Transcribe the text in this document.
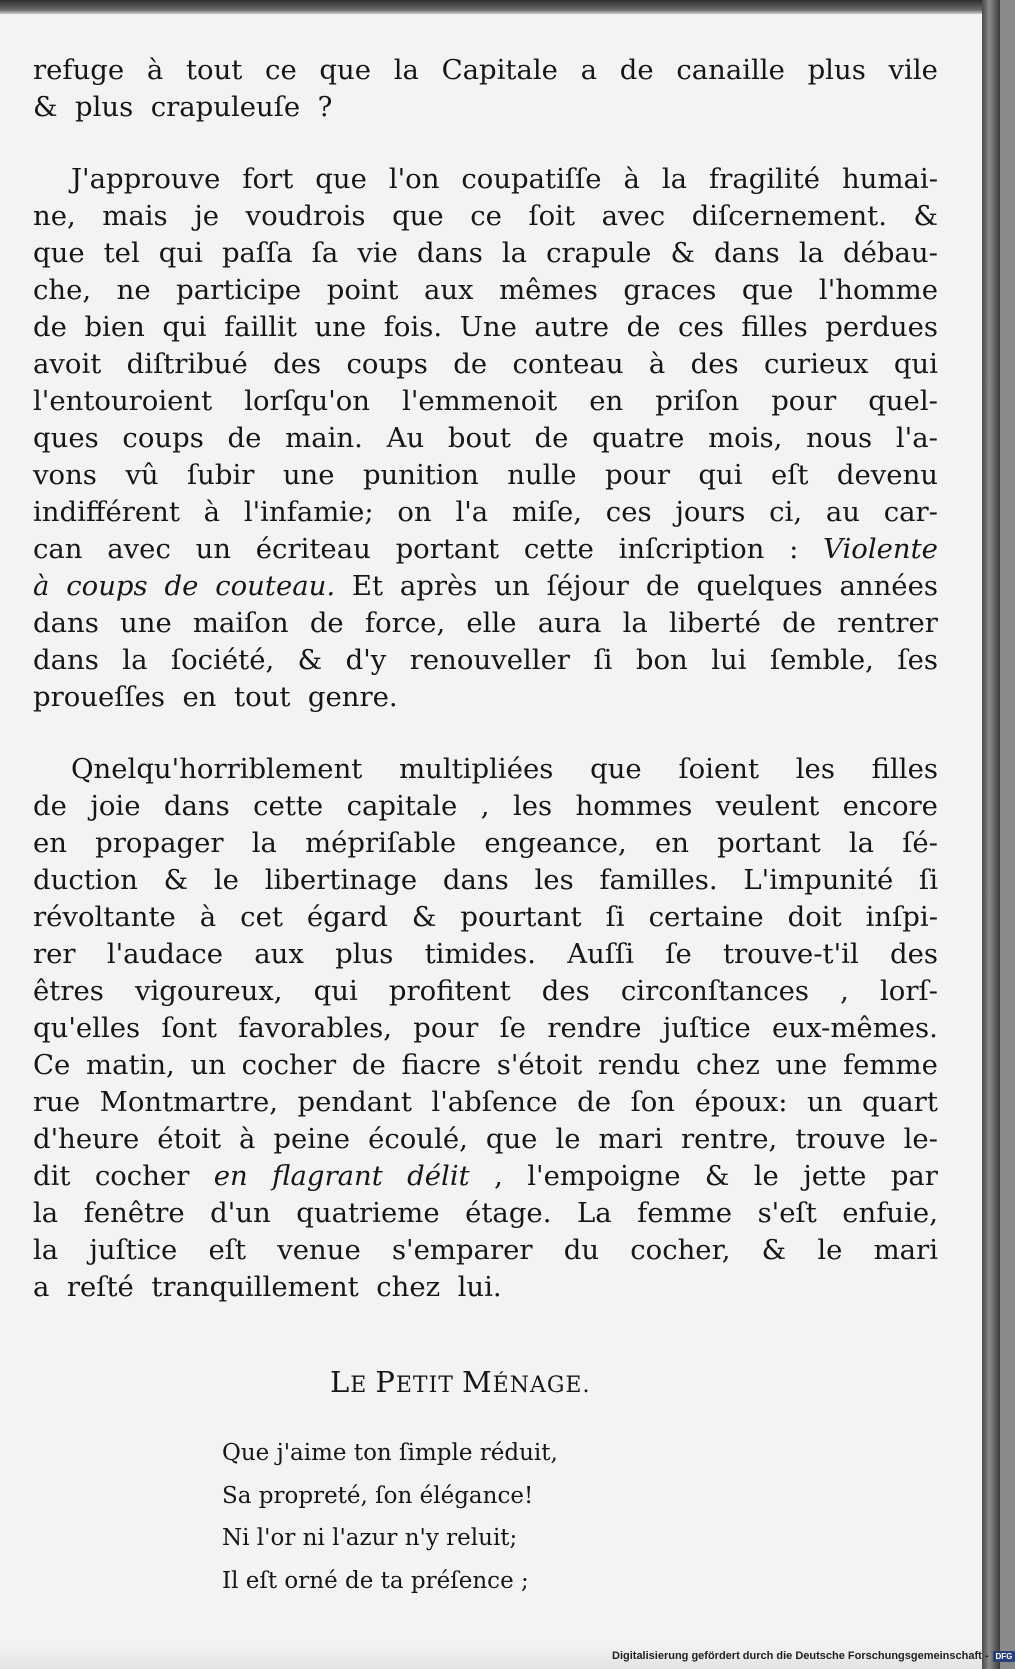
refuge à tout ce que la Capitale a de canaille plus vile
&
plus
crapuleuſe
?
J'approuve fort que l'on coupatiſſe à la fragilité humai-
ne, mais je voudrois que ce ſoit avec diſcernement. &
que tel qui paſſa ſa vie dans la crapule & dans la débau-
che, ne participe point aux mêmes graces que l'homme
de bien qui faillit une fois. Une autre de ces filles perdues
avoit diſtribué des coups de conteau à des curieux qui
l'entouroient lorſqu'on l'emmenoit en priſon pour quel-
ques coups de main. Au bout de quatre mois, nous l'a-
vons vû ſubir une punition nulle pour qui eſt devenu
indifférent à l'infamie; on l'a miſe, ces jours ci, au car-
can avec un écriteau portant cette inſcription : Violente
à coups de couteau. Et après un ſéjour de quelques années
dans une maiſon de force, elle aura la liberté de rentrer
dans la ſociété, & d'y renouveller ſi bon lui ſemble, ſes
proueſſes
en
tout
genre.
Qnelqu'horriblement multipliées que ſoient les filles
de joie dans cette capitale , les hommes veulent encore
en propager la mépriſable engeance, en portant la ſé-
duction & le libertinage dans les familles. L'impunité ſi
révoltante à cet égard & pourtant ſi certaine doit inſpi-
rer l'audace aux plus timides. Auſſi ſe trouve-t'il des
êtres vigoureux, qui profitent des circonſtances , lorſ-
qu'elles ſont favorables, pour ſe rendre juſtice eux-mêmes.
Ce matin, un cocher de fiacre s'étoit rendu chez une femme
rue Montmartre, pendant l'abſence de ſon époux: un quart
d'heure étoit à peine écoulé, que le mari rentre, trouve le-
dit cocher en flagrant délit , l'empoigne & le jette par
la fenêtre d'un quatrieme étage. La femme s'eſt enfuie,
la juſtice eſt venue s'emparer du cocher, & le mari
a
reſté
tranquillement
chez
lui.
LE PETIT MÉNAGE.
Que j'aime ton ſimple réduit,
Sa propreté, ſon élégance!
Ni l'or ni l'azur n'y reluit;
Il eſt orné de ta préſence ;
Digitalisierung gefördert durch die Deutsche Forschungsgemeinschaft - DFG
